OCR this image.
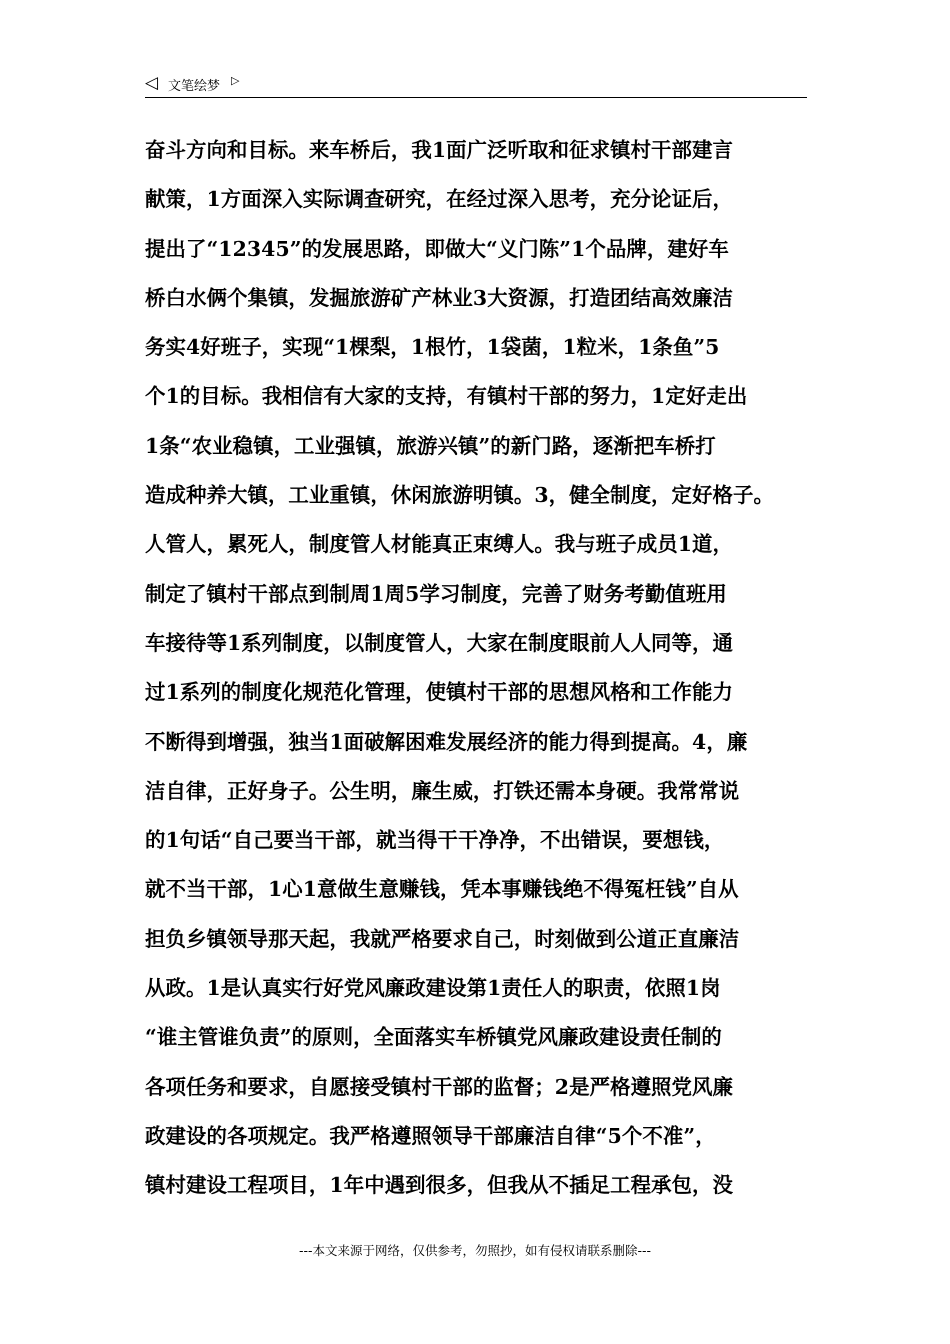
◁ 文笔绘梦 ▷
奋斗方向和目标。来车桥后，我1面广泛听取和征求镇村干部建言
献策，1方面深入实际调查研究，在经过深入思考，充分论证后，
提出了“12345”的发展思路，即做大“义门陈”1个品牌，建好车
桥白水俩个集镇，发掘旅游矿产林业3大资源，打造团结高效廉洁
务实4好班子，实现“1棵梨，1根竹，1袋菌，1粒米，1条鱼”5
个1的目标。我相信有大家的支持，有镇村干部的努力，1定好走出
1条“农业稳镇，工业强镇，旅游兴镇”的新门路，逐渐把车桥打
造成种养大镇，工业重镇，休闲旅游明镇。3，健全制度，定好格子。
人管人，累死人，制度管人材能真正束缚人。我与班子成员1道，
制定了镇村干部点到制周1周5学习制度，完善了财务考勤值班用
车接待等1系列制度，以制度管人，大家在制度眼前人人同等，通
过1系列的制度化规范化管理，使镇村干部的思想风格和工作能力
不断得到增强，独当1面破解困难发展经济的能力得到提高。4，廉
洁自律，正好身子。公生明，廉生威，打铁还需本身硬。我常常说
的1句话“自己要当干部，就当得干干净净，不出错误，要想钱，
就不当干部，1心1意做生意赚钱，凭本事赚钱绝不得冤枉钱”自从
担负乡镇领导那天起，我就严格要求自己，时刻做到公道正直廉洁
从政。1是认真实行好党风廉政建设第1责任人的职责，依照1岗
“谁主管谁负责”的原则，全面落实车桥镇党风廉政建设责任制的
各项任务和要求，自愿接受镇村干部的监督；2是严格遵照党风廉
政建设的各项规定。我严格遵照领导干部廉洁自律“5个不准”，
镇村建设工程项目，1年中遇到很多，但我从不插足工程承包，没
---本文来源于网络，仅供参考，勿照抄，如有侵权请联系删除---
